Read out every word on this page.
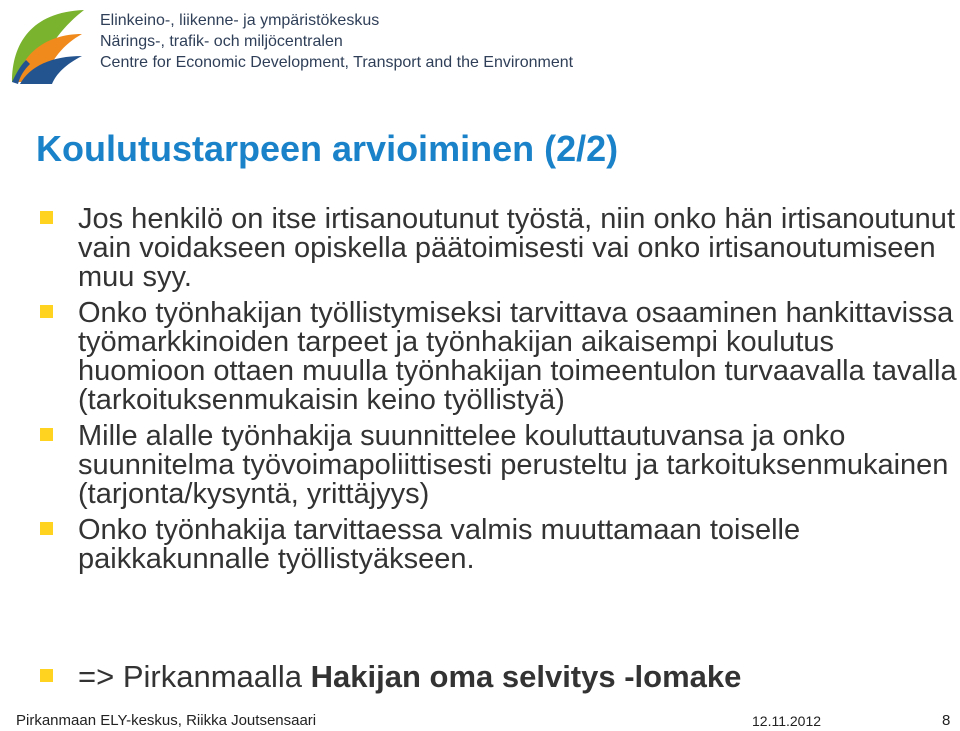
Elinkeino-, liikenne- ja ympäristökeskus
Närings-, trafik- och miljöcentralen
Centre for Economic Development, Transport and the Environment
Koulutustarpeen arvioiminen (2/2)
Jos henkilö on itse irtisanoutunut työstä, niin onko hän irtisanoutunut vain voidakseen opiskella päätoimisesti vai onko irtisanoutumiseen muu syy.
Onko työnhakijan työllistymiseksi tarvittava osaaminen hankittavissa työmarkkinoiden tarpeet ja työnhakijan aikaisempi koulutus huomioon ottaen muulla työnhakijan toimeentulon turvaavalla tavalla (tarkoituksenmukaisin keino työllistyä)
Mille alalle työnhakija suunnittelee kouluttautuvansa ja onko suunnitelma työvoimapoliittisesti perusteltu ja tarkoituksenmukainen (tarjonta/kysyntä, yrittäjyys)
Onko työnhakija tarvittaessa valmis muuttamaan toiselle paikkakunnalle työllistyäkseen.
=> Pirkanmaalla Hakijan oma selvitys -lomake
Pirkanmaan ELY-keskus, Riikka Joutsensaari	12.11.2012	8
